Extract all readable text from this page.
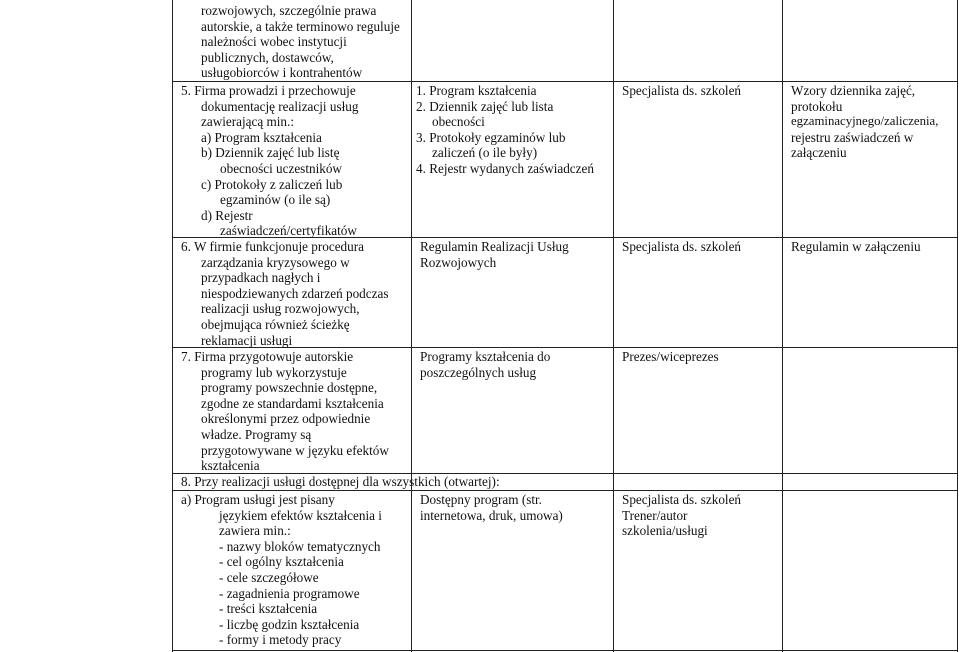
rozwojowych, szczególnie prawa
autorskie, a także terminowo reguluje
należności wobec instytucji
publicznych, dostawców,
usługobiorców i kontrahentów
5. Firma prowadzi i przechowuje
dokumentację realizacji usług
zawierającą min.:
a) Program kształcenia
b) Dziennik zajęć lub listę
obecności uczestników
c) Protokoły z zaliczeń lub
egzaminów (o ile są)
d) Rejestr
zaświadczeń/certyfikatów
1. Program kształcenia
2. Dziennik zajęć lub lista
obecności
3. Protokoły egzaminów lub
zaliczeń (o ile były)
4. Rejestr wydanych zaświadczeń
Specjalista ds. szkoleń	Wzory dziennika zajęć,
protokołu
egzaminacyjnego/zaliczenia,
rejestru zaświadczeń w
załączeniu
6. W firmie funkcjonuje procedura
zarządzania kryzysowego w
przypadkach nagłych i
niespodziewanych zdarzeń podczas
realizacji usług rozwojowych,
obejmująca również ścieżkę
reklamacji usługi
Regulamin Realizacji Usług
Rozwojowych
Specjalista ds. szkoleń	Regulamin w załączeniu
7. Firma przygotowuje autorskie
programy lub wykorzystuje
programy powszechnie dostępne,
zgodne ze standardami kształcenia
określonymi przez odpowiednie
władze. Programy są
przygotowywane w języku efektów
kształcenia
Programy kształcenia do
poszczególnych usług
Prezes/wiceprezes
8. Przy realizacji usługi dostępnej dla wszystkich (otwartej):
a) Program usługi jest pisany
językiem efektów kształcenia i
zawiera min.:
- nazwy bloków tematycznych
- cel ogólny kształcenia
- cele szczegółowe
- zagadnienia programowe
- treści kształcenia
- liczbę godzin kształcenia
- formy i metody pracy
Dostępny program (str.
internetowa, druk, umowa)
Specjalista ds. szkoleń
Trener/autor
szkolenia/usługi
